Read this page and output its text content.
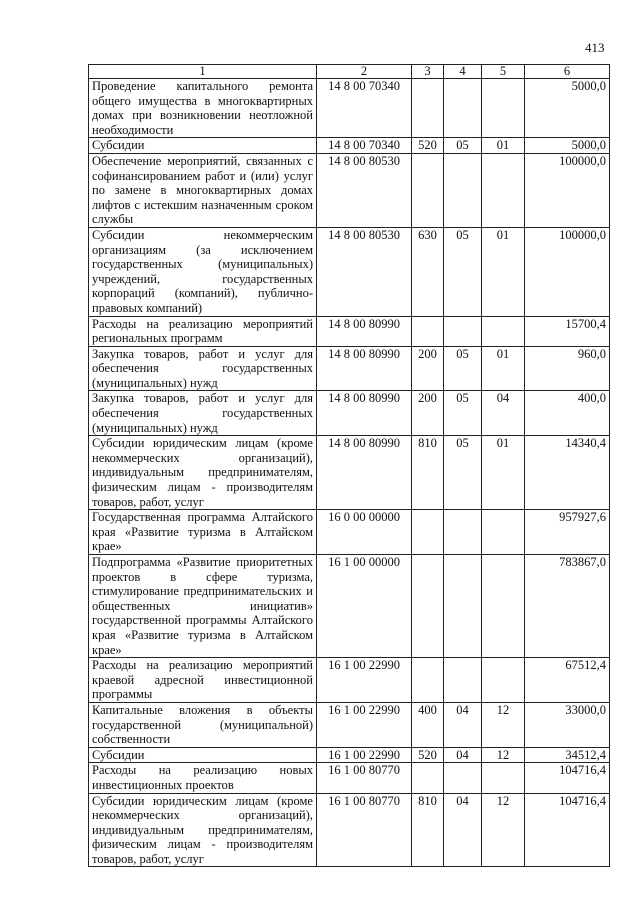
413
1	2	3	4	5	6
Проведение капитального ремонта общего имущества в многоквартирных домах при возникновении неотложной необходимости	14 8 00 70340				5000,0
Субсидии	14 8 00 70340	520	05	01	5000,0
Обеспечение мероприятий, связанных с софинансированием работ и (или) услуг по замене в многоквартирных домах лифтов с истекшим назначенным сроком службы	14 8 00 80530				100000,0
Субсидии некоммерческим организациям (за исключением государственных (муниципальных) учреждений, государственных корпораций (компаний), публично-правовых компаний)	14 8 00 80530	630	05	01	100000,0
Расходы на реализацию мероприятий региональных программ	14 8 00 80990				15700,4
Закупка товаров, работ и услуг для обеспечения государственных (муниципальных) нужд	14 8 00 80990	200	05	01	960,0
Закупка товаров, работ и услуг для обеспечения государственных (муниципальных) нужд	14 8 00 80990	200	05	04	400,0
Субсидии юридическим лицам (кроме некоммерческих организаций), индивидуальным предпринимателям, физическим лицам - производителям товаров, работ, услуг	14 8 00 80990	810	05	01	14340,4
Государственная программа Алтайского края «Развитие туризма в Алтайском крае»	16 0 00 00000				957927,6
Подпрограмма «Развитие приоритетных проектов в сфере туризма, стимулирование предпринимательских и общественных инициатив» государственной программы Алтайского края «Развитие туризма в Алтайском крае»	16 1 00 00000				783867,0
Расходы на реализацию мероприятий краевой адресной инвестиционной программы	16 1 00 22990				67512,4
Капитальные вложения в объекты государственной (муниципальной) собственности	16 1 00 22990	400	04	12	33000,0
Субсидии	16 1 00 22990	520	04	12	34512,4
Расходы на реализацию новых инвестиционных проектов	16 1 00 80770				104716,4
Субсидии юридическим лицам (кроме некоммерческих организаций), индивидуальным предпринимателям, физическим лицам - производителям товаров, работ, услуг	16 1 00 80770	810	04	12	104716,4
